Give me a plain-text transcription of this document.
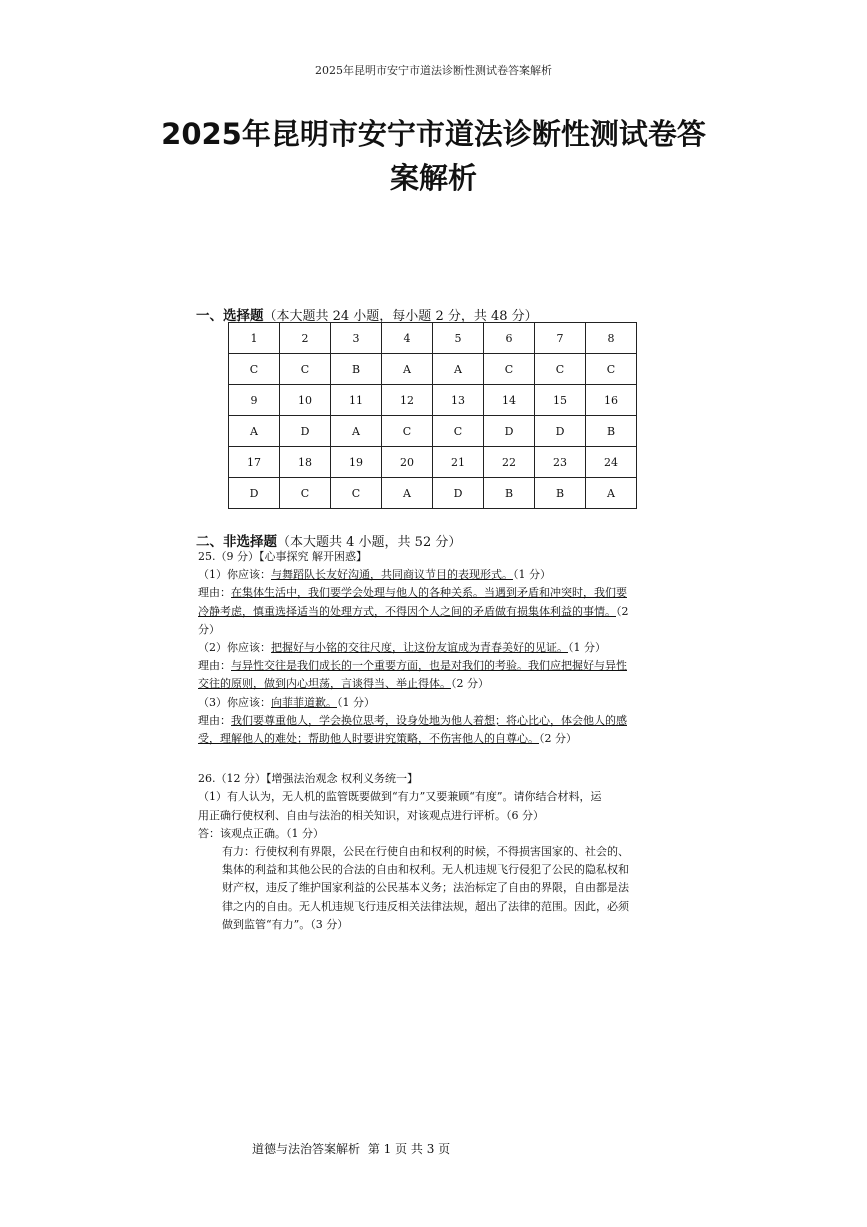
2025年昆明市安宁市道法诊断性测试卷答案解析
2025年昆明市安宁市道法诊断性测试卷答
案解析
一、选择题（本大题共 24 小题，每小题 2 分，共 48 分）
1	2	3	4	5	6	7	8
C	C	B	A	A	C	C	C
9	10	11	12	13	14	15	16
A	D	A	C	C	D	D	B
17	18	19	20	21	22	23	24
D	C	C	A	D	B	B	A
二、非选择题（本大题共 4 小题，共 52 分）
25.（9 分）【心事探究 解开困惑】
（1）你应该：与舞蹈队长友好沟通，共同商议节目的表现形式。（1 分）
理由：在集体生活中，我们要学会处理与他人的各种关系。当遇到矛盾和冲突时，我们要
冷静考虑，慎重选择适当的处理方式，不得因个人之间的矛盾做有损集体利益的事情。（2
分）
（2）你应该：把握好与小铭的交往尺度，让这份友谊成为青春美好的见证。（1 分）
理由：与异性交往是我们成长的一个重要方面，也是对我们的考验。我们应把握好与异性
交往的原则，做到内心坦荡，言谈得当、举止得体。（2 分）
（3）你应该：向菲菲道歉。（1 分）
理由：我们要尊重他人，学会换位思考，设身处地为他人着想；将心比心，体会他人的感
受，理解他人的难处；帮助他人时要讲究策略，不伤害他人的自尊心。（2 分）
26.（12 分）【增强法治观念 权利义务统一】
（1）有人认为，无人机的监管既要做到“有力”又要兼顾“有度”。请你结合材料，运
用正确行使权利、自由与法治的相关知识，对该观点进行评析。（6 分）
答：该观点正确。（1 分）
有力：行使权利有界限，公民在行使自由和权利的时候，不得损害国家的、社会的、
集体的利益和其他公民的合法的自由和权利。无人机违规飞行侵犯了公民的隐私权和
财产权，违反了维护国家利益的公民基本义务；法治标定了自由的界限，自由都是法
律之内的自由。无人机违规飞行违反相关法律法规，超出了法律的范围。因此，必须
做到监管“有力”。（3 分）
道德与法治答案解析 第 1 页 共 3 页
